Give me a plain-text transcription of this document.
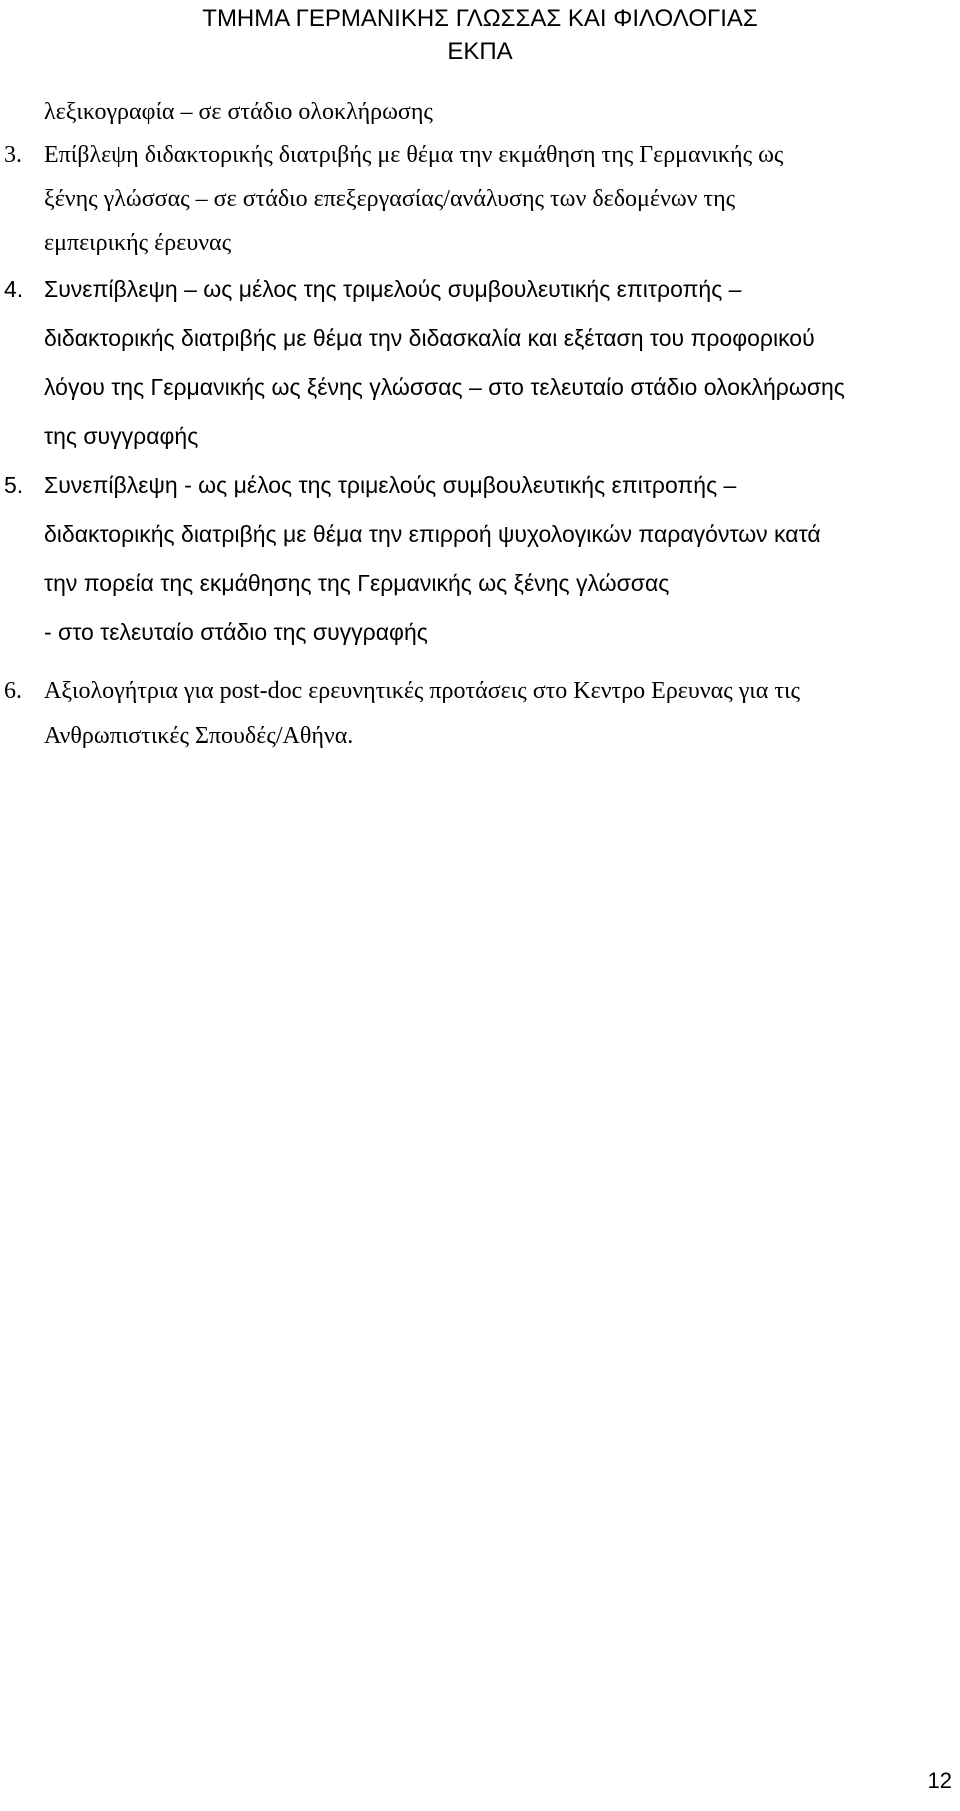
ΤΜΗΜΑ ΓΕΡΜΑΝΙΚΗΣ ΓΛΩΣΣΑΣ ΚΑΙ ΦΙΛΟΛΟΓΙΑΣ
ΕΚΠΑ
λεξικογραφία – σε στάδιο ολοκλήρωσης
3. Επίβλεψη διδακτορικής διατριβής με θέμα την εκμάθηση της Γερμανικής ως
ξένης γλώσσας – σε στάδιο επεξεργασίας/ανάλυσης των δεδομένων της
εμπειρικής έρευνας
4. Συνεπίβλεψη – ως μέλος της τριμελούς συμβουλευτικής επιτροπής –
διδακτορικής διατριβής με θέμα την διδασκαλία και εξέταση του προφορικού
λόγου της Γερμανικής ως ξένης γλώσσας – στο τελευταίο στάδιο ολοκλήρωσης
της συγγραφής
5. Συνεπίβλεψη - ως μέλος της τριμελούς συμβουλευτικής επιτροπής –
διδακτορικής διατριβής με θέμα την επιρροή ψυχολογικών παραγόντων κατά
την πορεία της εκμάθησης της Γερμανικής ως ξένης γλώσσας
- στο τελευταίο στάδιο της συγγραφής
6. Αξιολογήτρια για post-doc ερευνητικές προτάσεις στο Κεντρο Ερευνας για τις
Ανθρωπιστικές Σπουδές/Αθήνα.
12
